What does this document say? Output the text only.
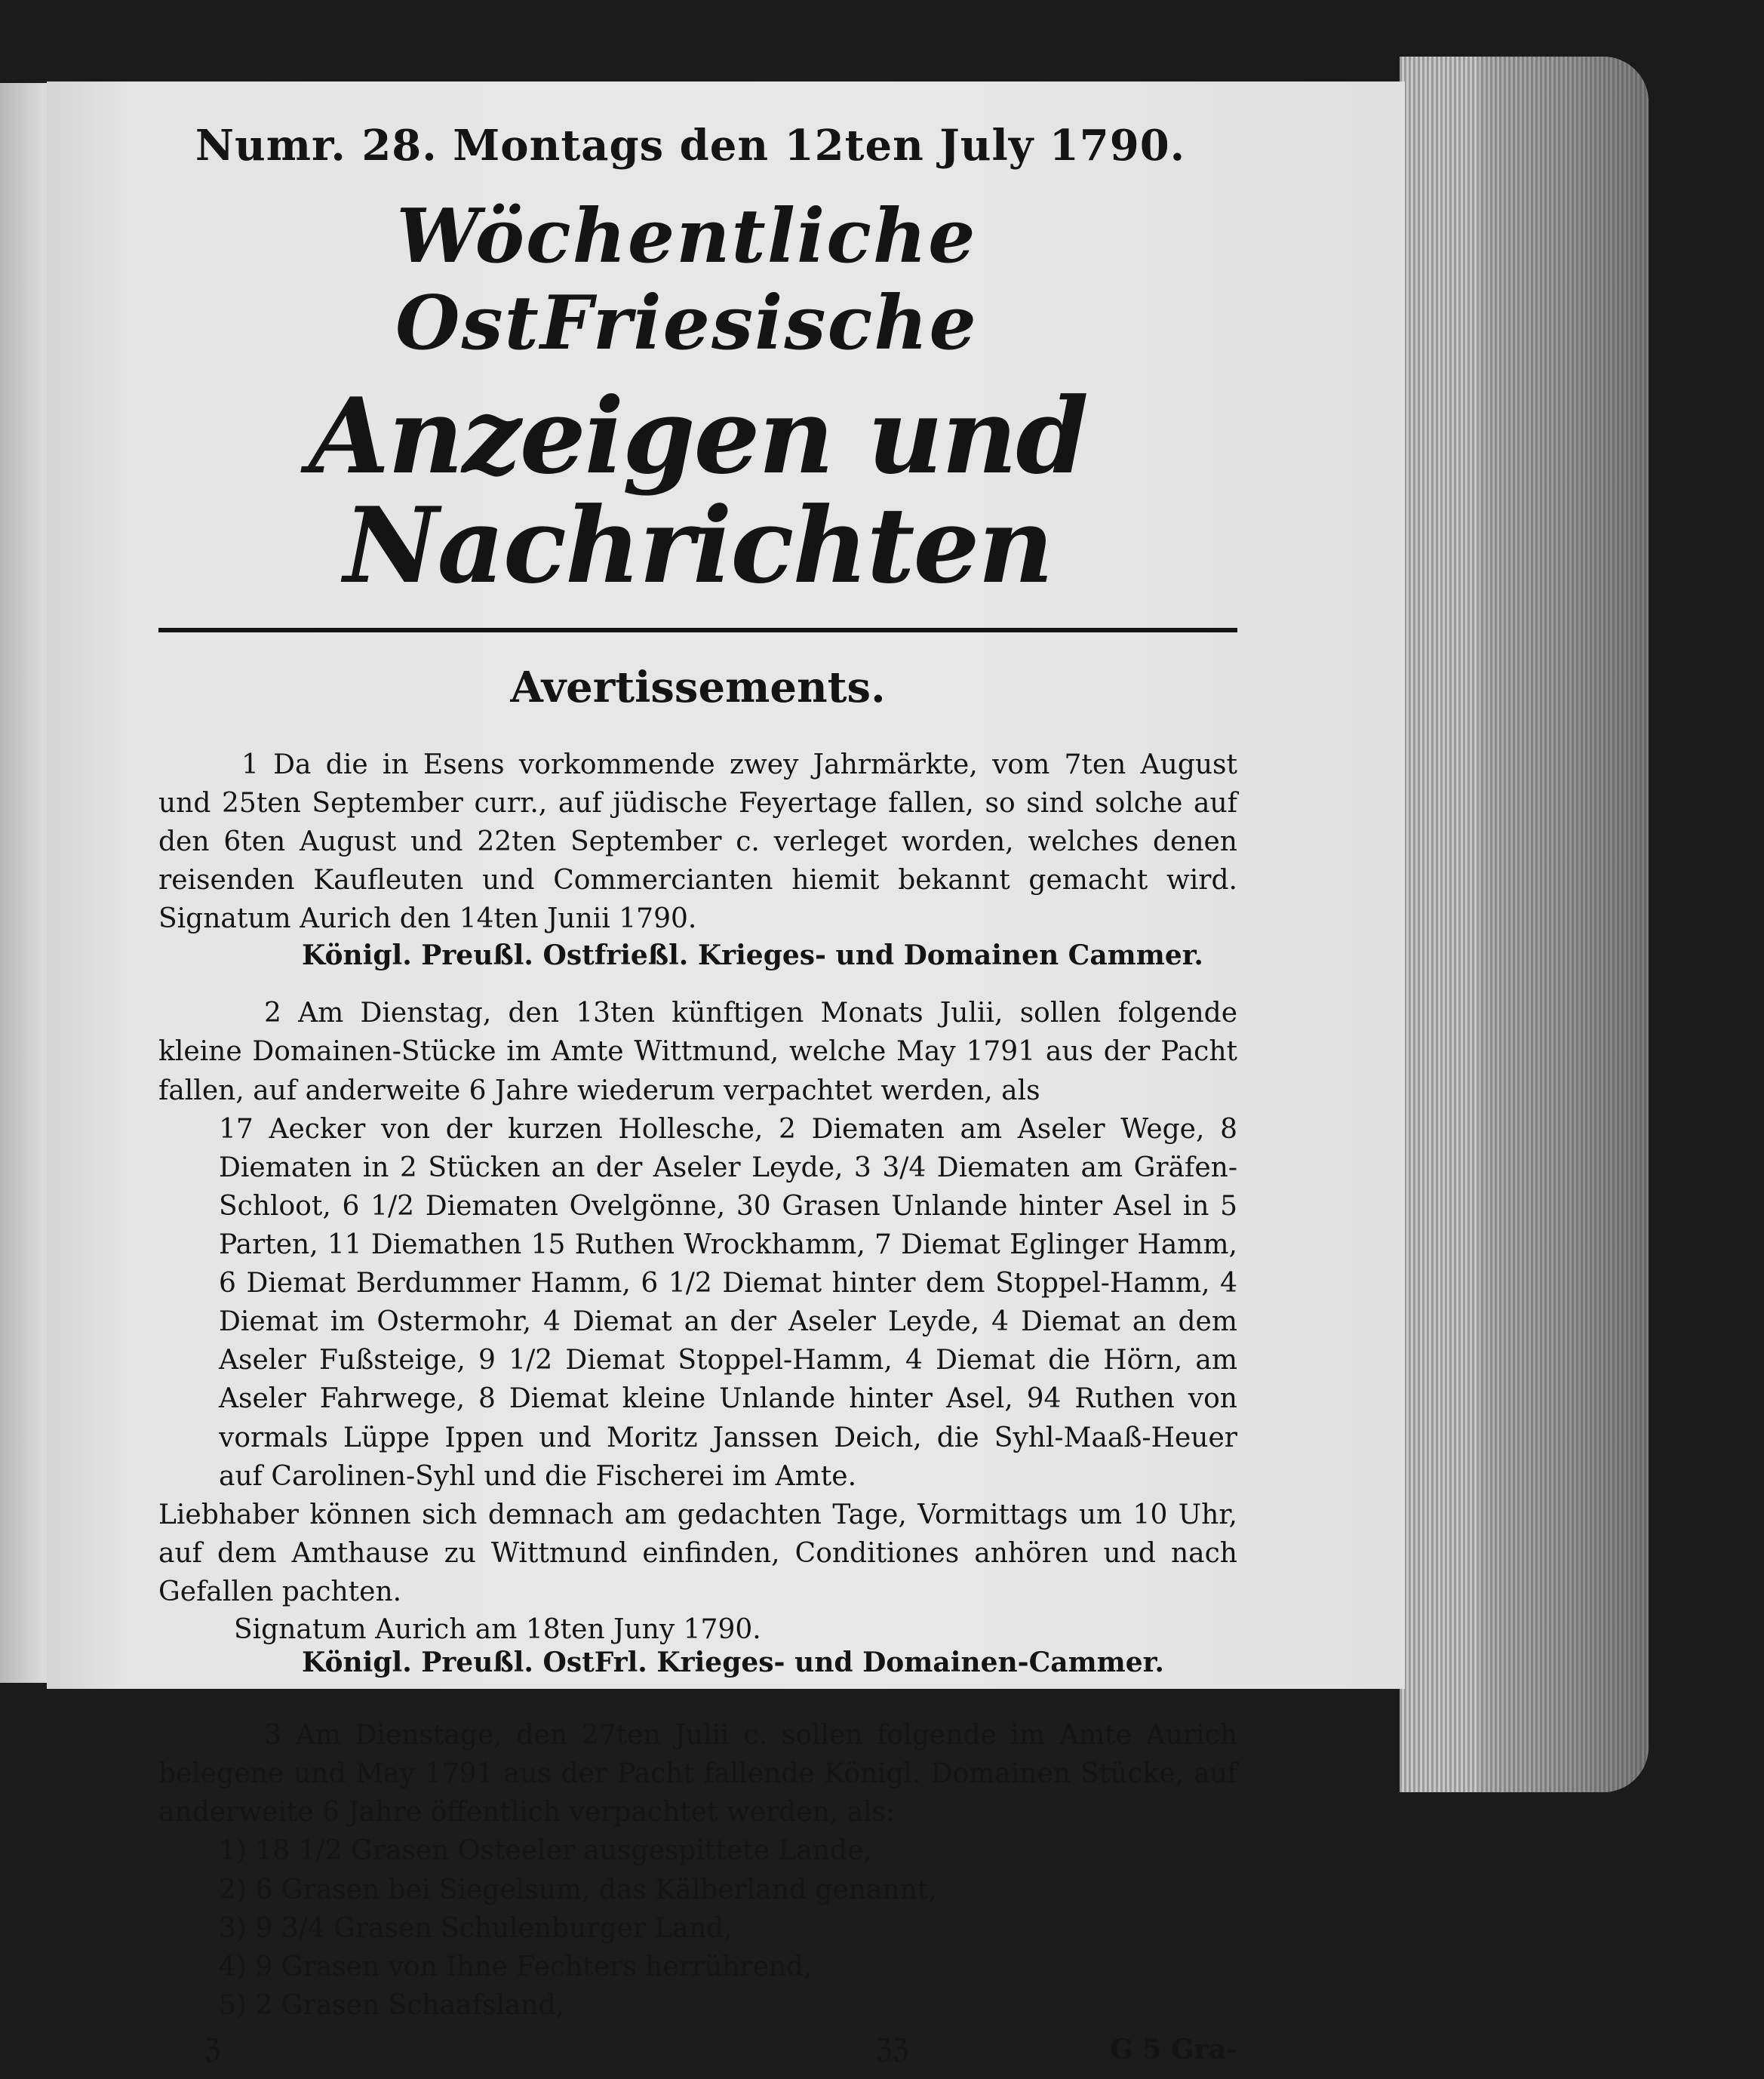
Numr. 28. Montags den 12ten July 1790.
Wöchentliche OstFriesische
Anzeigen und Nachrichten
Avertissements.
1 Da die in Esens vorkommende zwey Jahrmärkte, vom 7ten August und 25ten September curr., auf jüdische Feyertage fallen, so sind solche auf den 6ten August und 22ten September c. verleget worden, welches denen reisenden Kaufleuten und Commercianten hiemit bekannt gemacht wird. Signatum Aurich den 14ten Junii 1790.
Königl. Preußl. Ostfrießl. Krieges- und Domainen Cammer.
2 Am Dienstag, den 13ten künftigen Monats Julii, sollen folgende kleine Domainen-Stücke im Amte Wittmund, welche May 1791 aus der Pacht fallen, auf anderweite 6 Jahre wiederum verpachtet werden, als
17 Aecker von der kurzen Hollesche, 2 Diematen am Aseler Wege, 8 Diematen in 2 Stücken an der Aseler Leyde, 3 3/4 Diematen am Gräfen-Schloot, 6 1/2 Diematen Ovelgönne, 30 Grasen Unlande hinter Asel in 5 Parten, 11 Diemathen 15 Ruthen Wrockhamm, 7 Diemat Eglinger Hamm, 6 Diemat Berdummer Hamm, 6 1/2 Diemat hinter dem Stoppel-Hamm, 4 Diemat im Ostermohr, 4 Diemat an der Aseler Leyde, 4 Diemat an dem Aseler Fußsteige, 9 1/2 Diemat Stoppel-Hamm, 4 Diemat die Hörn, am Aseler Fahrwege, 8 Diemat kleine Unlande hinter Asel, 94 Ruthen von vormals Lüppe Ippen und Moritz Janssen Deich, die Syhl-Maaß-Heuer auf Carolinen-Syhl und die Fischerei im Amte.
Liebhaber können sich demnach am gedachten Tage, Vormittags um 10 Uhr, auf dem Amthause zu Wittmund einfinden, Conditiones anhören und nach Gefallen pachten.
Signatum Aurich am 18ten Juny 1790.
Königl. Preußl. OstFrl. Krieges- und Domainen-Cammer.
3 Am Dienstage, den 27ten Julii c. sollen folgende im Amte Aurich belegene und May 1791 aus der Pacht fallende Königl. Domainen Stücke, auf anderweite 6 Jahre öffentlich verpachtet werden, als:
1) 18 1/2 Grasen Osteeler ausgespittete Lande,
2) 6 Grasen bei Siegelsum, das Kälberland genannt,
3) 9 3/4 Grasen Schulenburger Land,
4) 9 Grasen von Ihne Fechters herrührend,
5) 2 Grasen Schaafsland,
ℨ	ℨℨ	G 5 Gra-
